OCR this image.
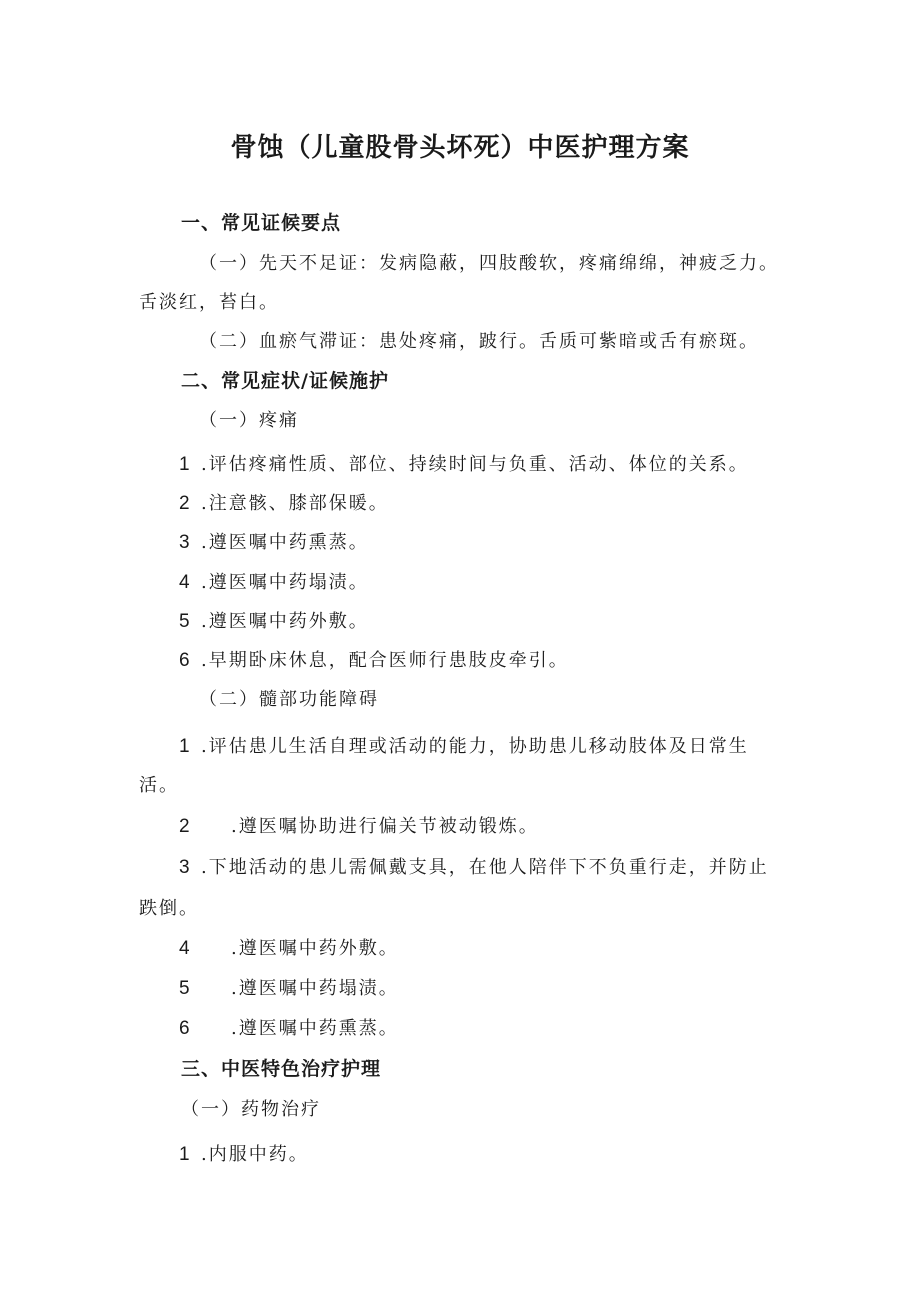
骨蚀（儿童股骨头坏死）中医护理方案

一、常见证候要点

（一）先天不足证：发病隐蔽，四肢酸软，疼痛绵绵，神疲乏力。

舌淡红，苔白。

（二）血瘀气滞证：患处疼痛，跛行。舌质可紫暗或舌有瘀斑。

二、常见症状/证候施护

（一）疼痛

1 .评估疼痛性质、部位、持续时间与负重、活动、体位的关系。

2 .注意骸、膝部保暖。

3 .遵医嘱中药熏蒸。

4 .遵医嘱中药塌渍。

5 .遵医嘱中药外敷。

6 .早期卧床休息，配合医师行患肢皮牵引。

（二）髓部功能障碍

1 .评估患儿生活自理或活动的能力，协助患儿移动肢体及日常生

活。

2 .遵医嘱协助进行偏关节被动锻炼。

3 .下地活动的患儿需佩戴支具，在他人陪伴下不负重行走，并防止

跌倒。

4 .遵医嘱中药外敷。

5 .遵医嘱中药塌渍。

6 .遵医嘱中药熏蒸。

三、中医特色治疗护理

（一）药物治疗

1 .内服中药。
